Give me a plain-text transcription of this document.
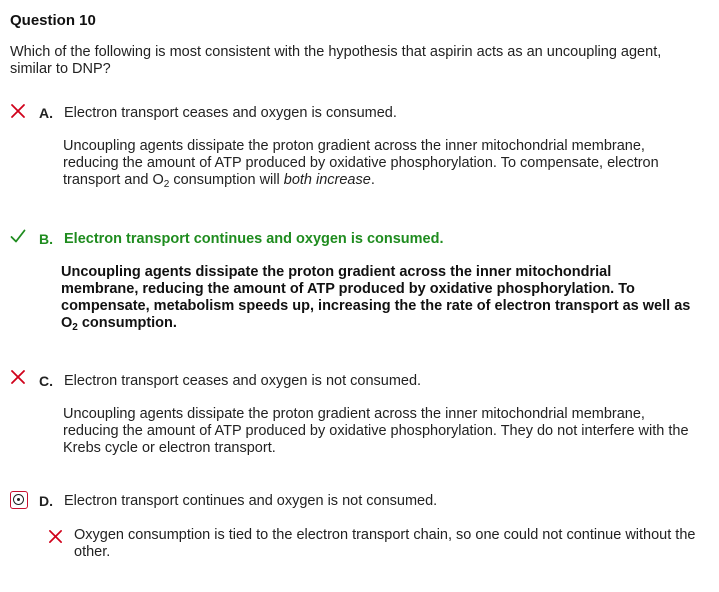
Question 10
Which of the following is most consistent with the hypothesis that aspirin acts as an uncoupling agent, similar to DNP?
A. Electron transport ceases and oxygen is consumed.
Uncoupling agents dissipate the proton gradient across the inner mitochondrial membrane, reducing the amount of ATP produced by oxidative phosphorylation. To compensate, electron transport and $O_2$ consumption will both increase.
B. Electron transport continues and oxygen is consumed.
Uncoupling agents dissipate the proton gradient across the inner mitochondrial membrane, reducing the amount of ATP produced by oxidative phosphorylation. To compensate, metabolism speeds up, increasing the the rate of electron transport as well as $O_2$ consumption.
C. Electron transport ceases and oxygen is not consumed.
Uncoupling agents dissipate the proton gradient across the inner mitochondrial membrane, reducing the amount of ATP produced by oxidative phosphorylation. They do not interfere with the Krebs cycle or electron transport.
D. Electron transport continues and oxygen is not consumed.
Oxygen consumption is tied to the electron transport chain, so one could not continue without the other.
